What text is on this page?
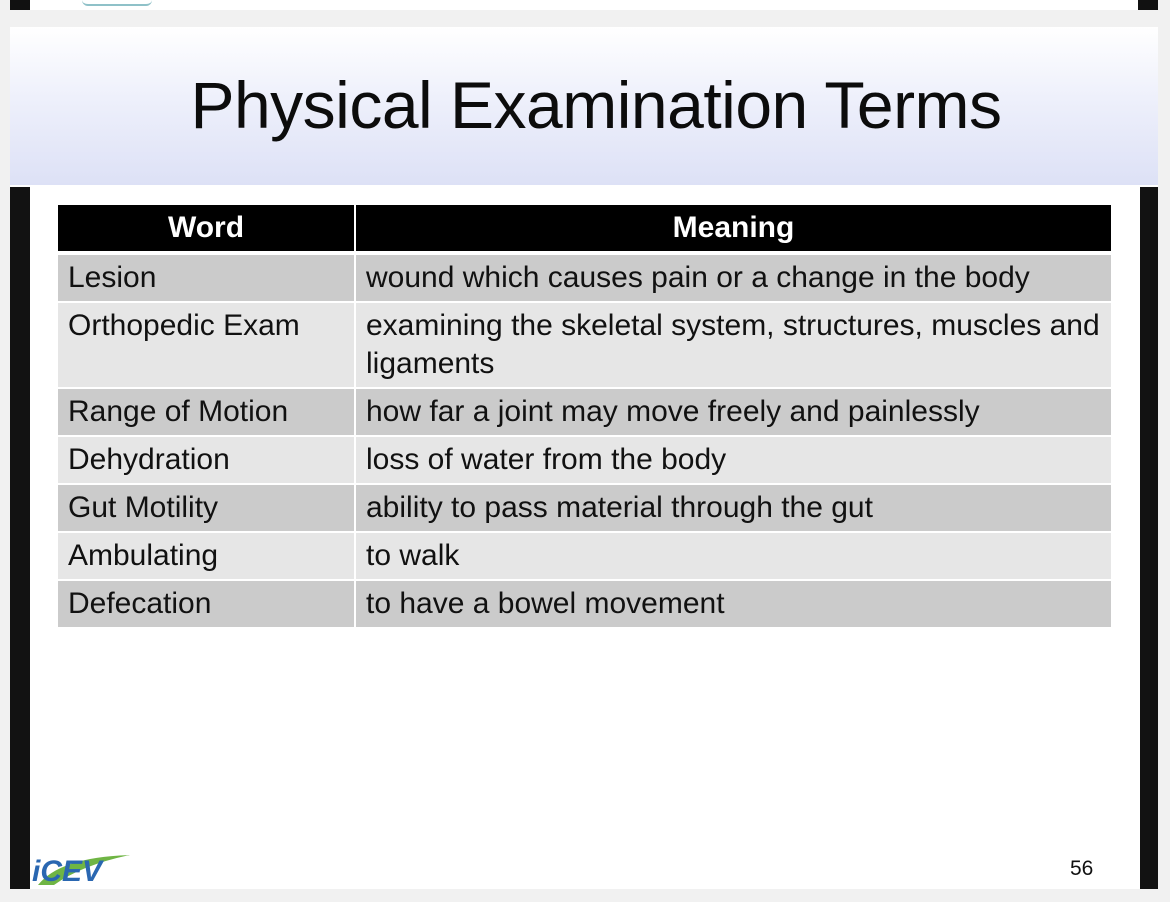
Physical Examination Terms
Word	Meaning
Lesion	wound which causes pain or a change in the body
Orthopedic Exam	examining the skeletal system, structures, muscles and ligaments
Range of Motion	how far a joint may move freely and painlessly
Dehydration	loss of water from the body
Gut Motility	ability to pass material through the gut
Ambulating	to walk
Defecation	to have a bowel movement
iCEV	56
